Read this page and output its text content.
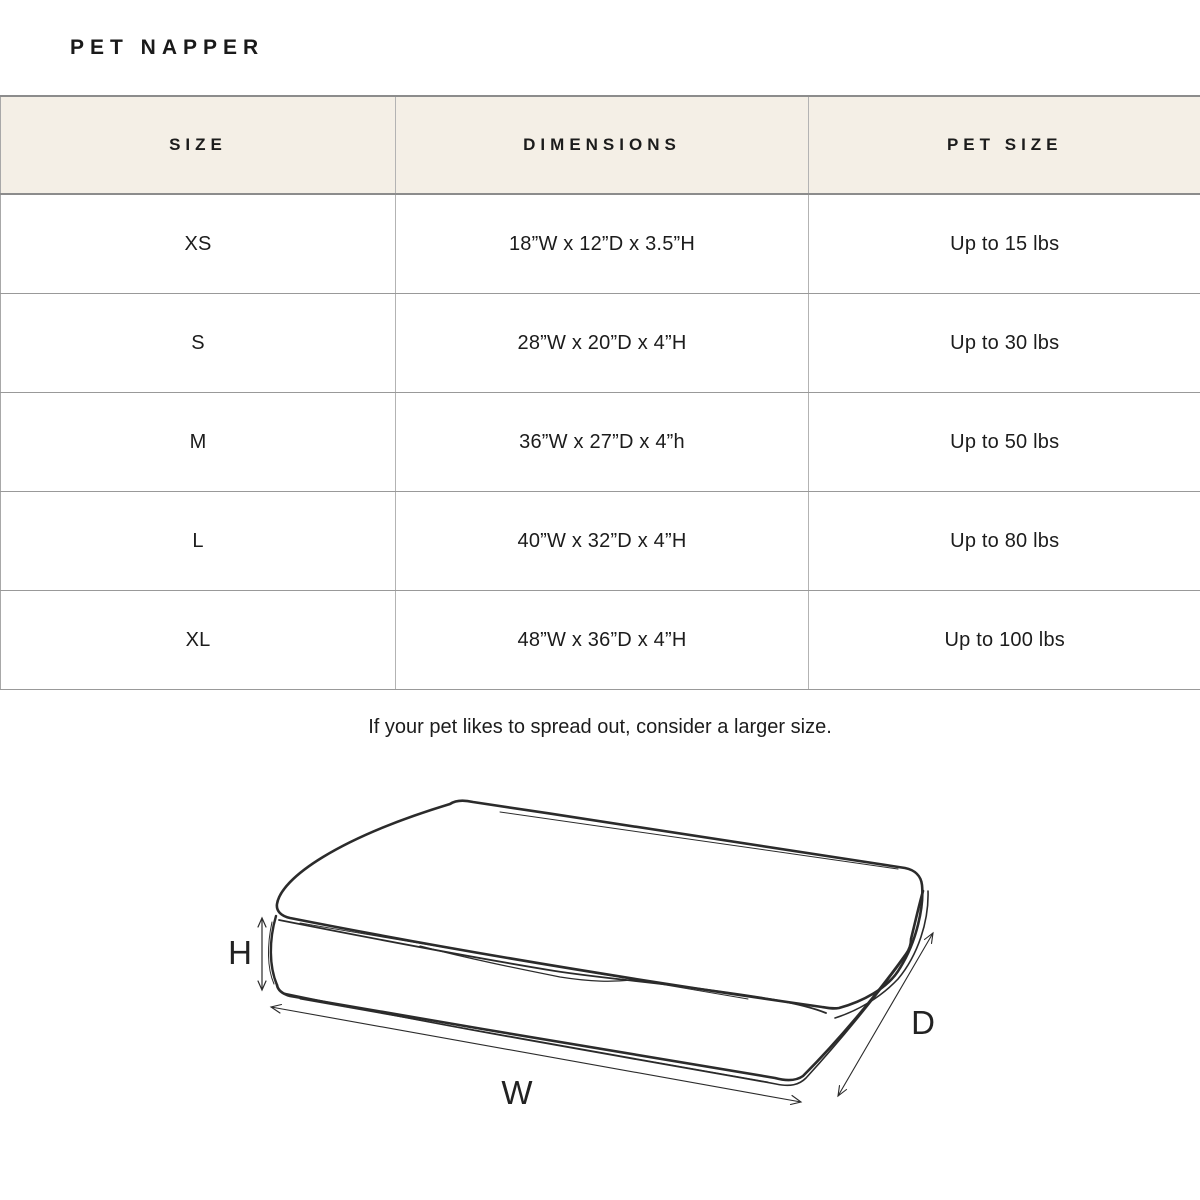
PET NAPPER
SIZE	DIMENSIONS	PET SIZE
XS	18”W x 12”D x 3.5”H	Up to 15 lbs
S	28”W x 20”D x 4”H	Up to 30 lbs
M	36”W x 27”D x 4”h	Up to 50 lbs
L	40”W x 32”D x 4”H	Up to 80 lbs
XL	48”W x 36”D x 4”H	Up to 100 lbs

If your pet likes to spread out, consider a larger size.

H
W
D
